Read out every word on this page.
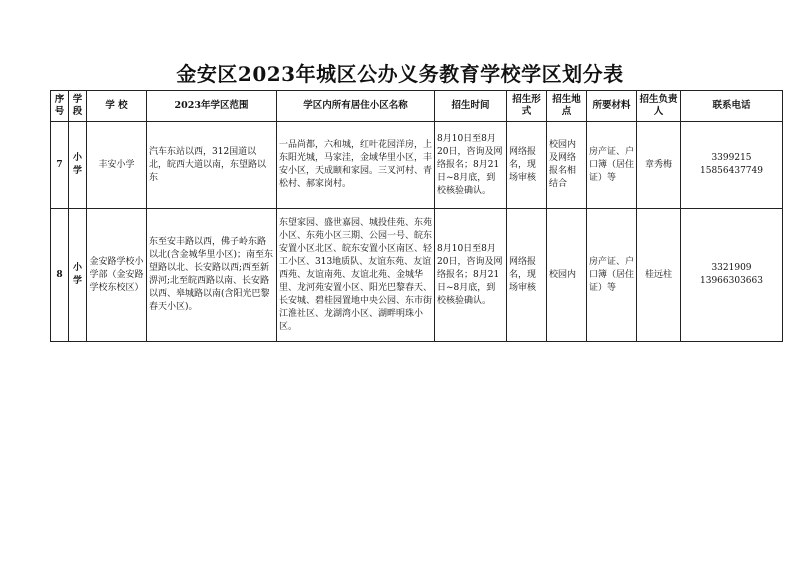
金安区2023年城区公办义务教育学校学区划分表
序号	学段	学 校	2023年学区范围	学区内所有居住小区名称	招生时间	招生形式	招生地点	所要材料	招生负责人	联系电话
7	小学	丰安小学	汽车东站以西，312国道以北，皖西大道以南，东望路以东	一品尚都，六和城，红叶花园洋房，上东阳光城，马家洼，金域华里小区，丰安小区，天成颐和家园。三叉河村、青松村、郝家岗村。	8月10日至8月20日，咨询及网络报名；8月21日~8月底，到校核验确认。	网络报名，现场审核	校园内及网络报名相结合	房产证、户口簿（居住证）等	章秀梅	3399215
15856437749

8	小学	金安路学校小学部（金安路学校东校区）	东至安丰路以西，佛子岭东路以北(含金城华里小区)；南至东望路以北、长安路以西;西至新淠河;北至皖西路以南、长安路以西、皋城路以南(含阳光巴黎春天小区)。	东望家园、盛世嘉园、城投佳苑、东苑小区、东苑小区三期、公园一号、皖东安置小区北区、皖东安置小区南区、轻工小区、313地质队、友谊东苑、友谊西苑、友谊南苑、友谊北苑、金城华里、龙河苑安置小区、阳光巴黎春天、长安城、碧桂园置地中央公园、东市街江淮社区、龙湖湾小区、湖畔明珠小区。	8月10日至8月20日，咨询及网络报名；8月21日~8月底，到校核验确认。	网络报名，现场审核	校园内	房产证、户口簿（居住证）等	桂远柱	3321909
13966303663
